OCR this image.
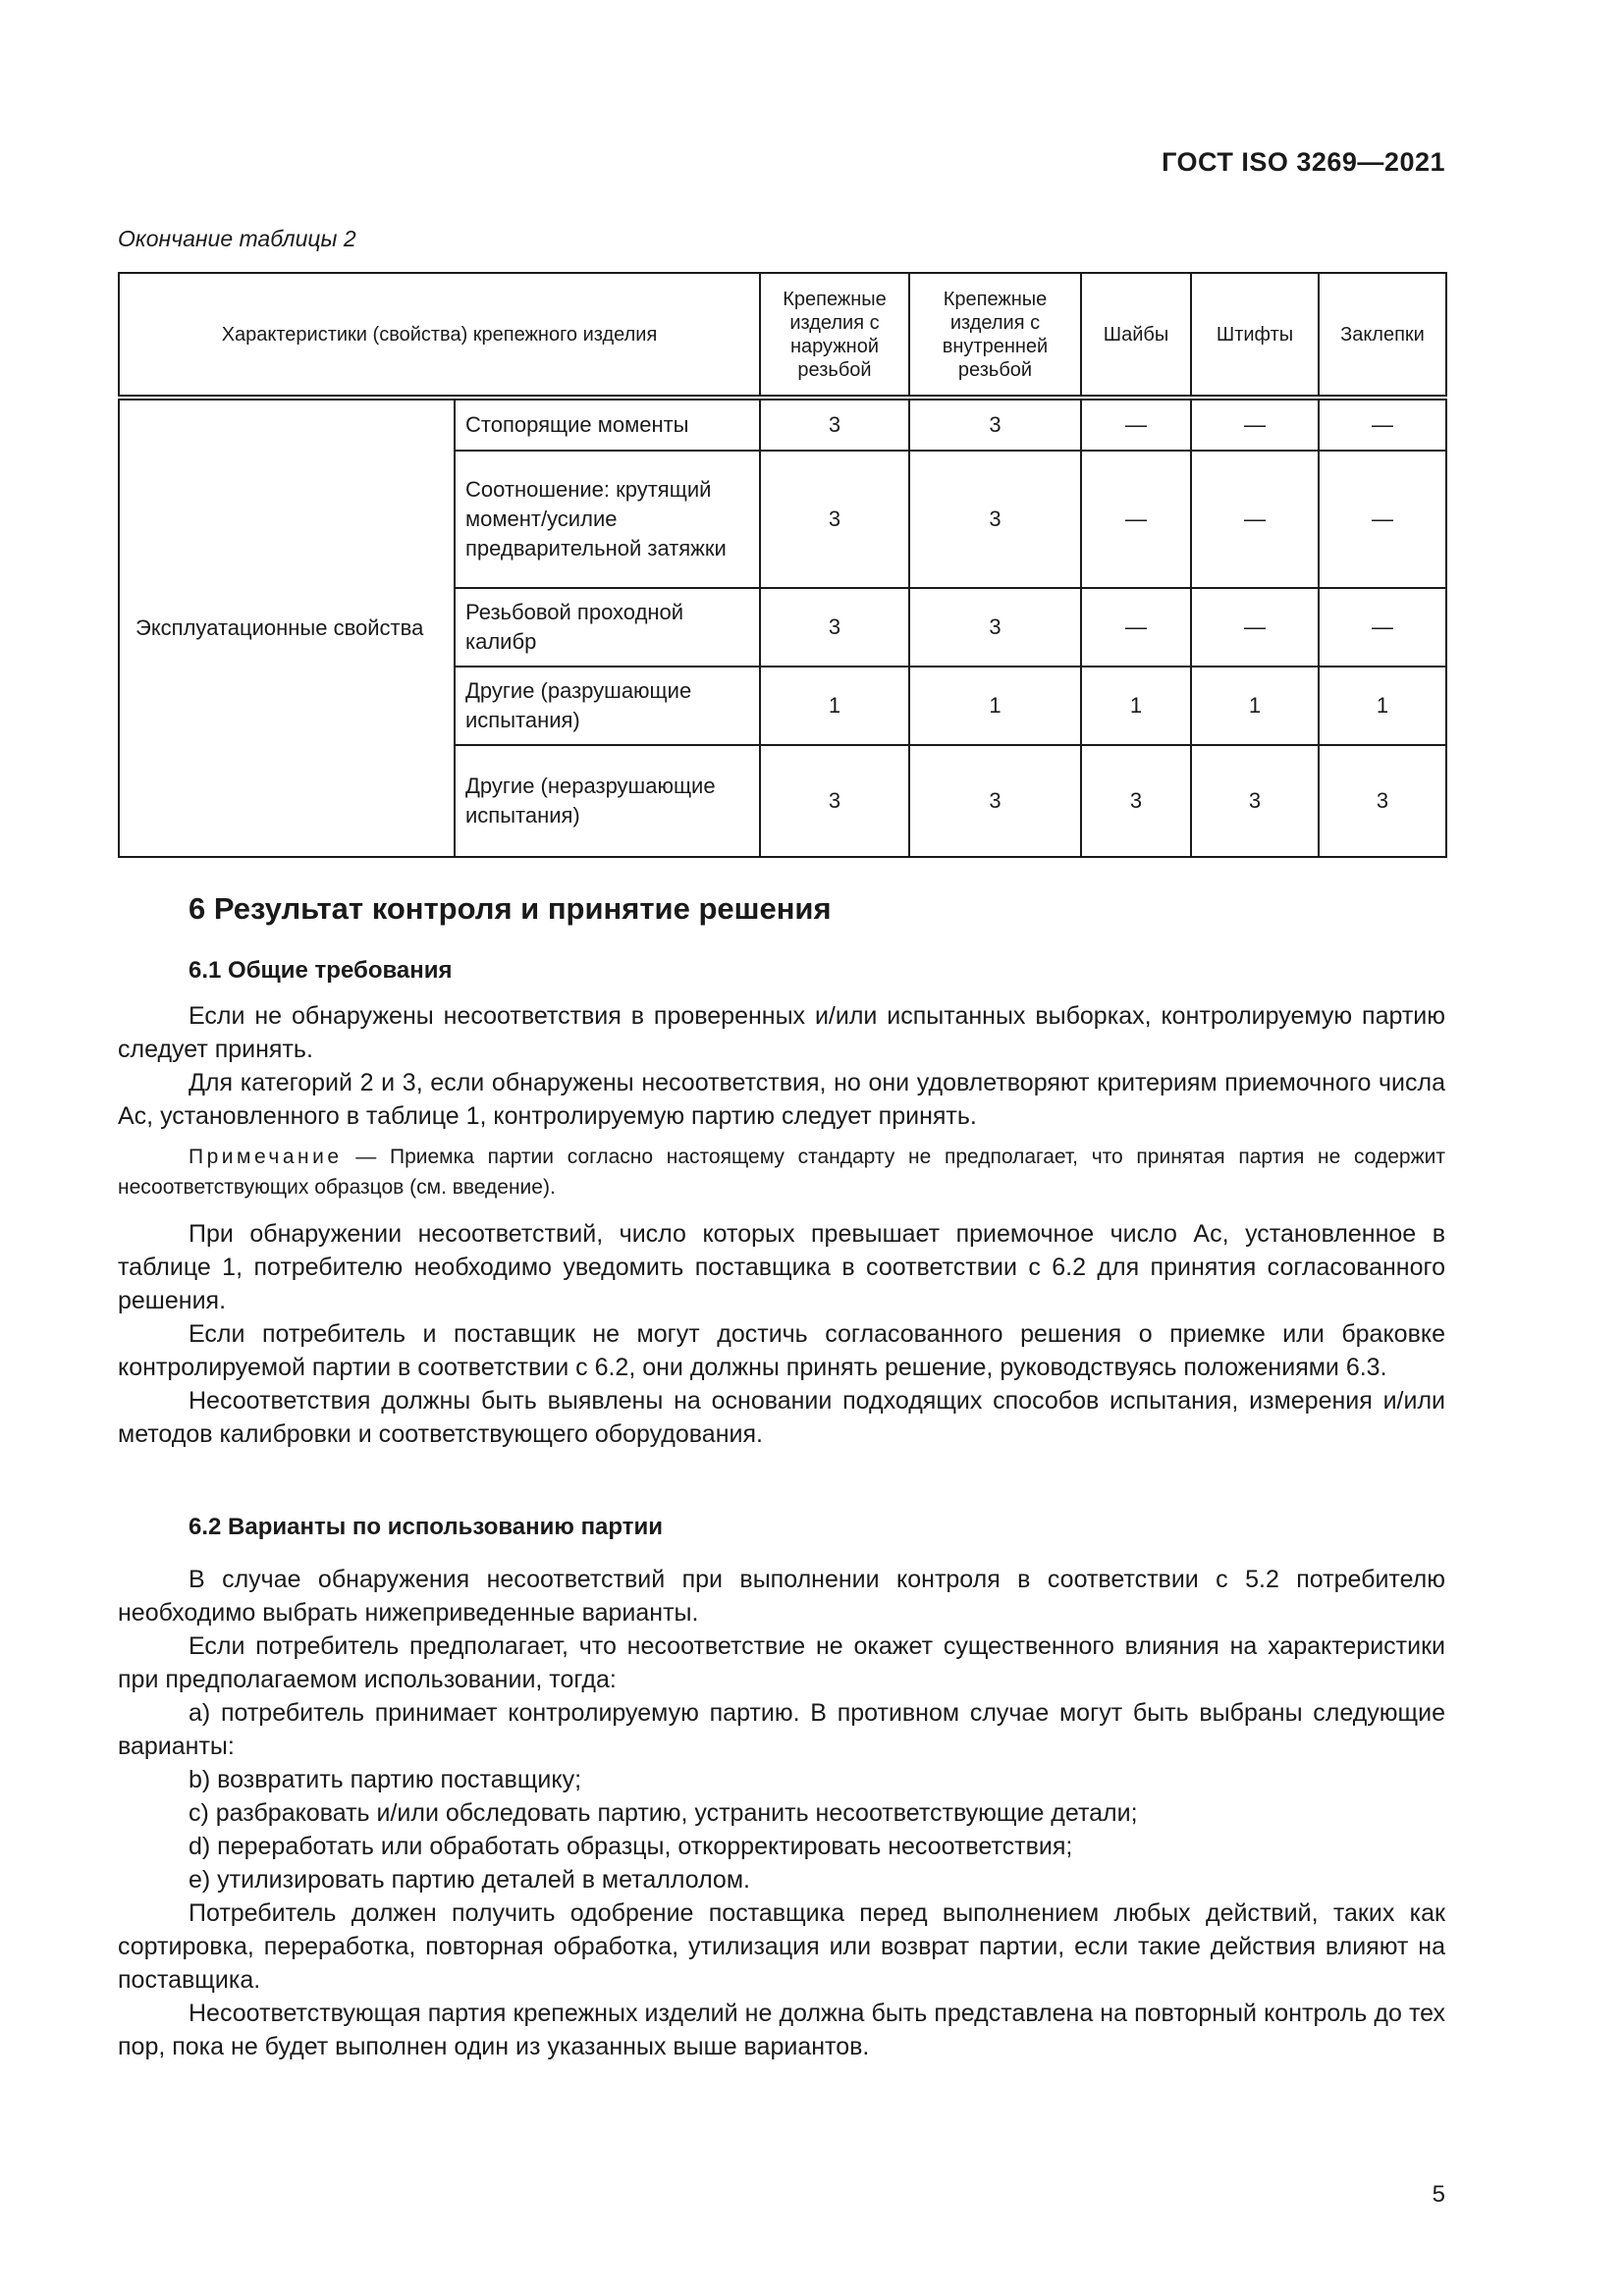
ГОСТ ISO 3269—2021
Окончание таблицы 2
Характеристики (свойства) крепежного изделия		Крепежные изделия с наружной резьбой	Крепежные изделия с внутренней резьбой	Шайбы	Штифты	Заклепки
Эксплуатационные свойства	Стопорящие моменты	3	3	—	—	—
	Соотношение: крутящий момент/усилие предварительной затяжки	3	3	—	—	—
	Резьбовой проходной калибр	3	3	—	—	—
	Другие (разрушающие испытания)	1	1	1	1	1
	Другие (неразрушающие испытания)	3	3	3	3	3
6 Результат контроля и принятие решения
6.1 Общие требования

Если не обнаружены несоответствия в проверенных и/или испытанных выборках, контролируемую партию следует принять.

Для категорий 2 и 3, если обнаружены несоответствия, но они удовлетворяют критериям приемочного числа Ас, установленного в таблице 1, контролируемую партию следует принять.

Примечание — Приемка партии согласно настоящему стандарту не предполагает, что принятая партия не содержит несоответствующих образцов (см. введение).

При обнаружении несоответствий, число которых превышает приемочное число Ас, установленное в таблице 1, потребителю необходимо уведомить поставщика в соответствии с 6.2 для принятия согласованного решения.

Если потребитель и поставщик не могут достичь согласованного решения о приемке или браковке контролируемой партии в соответствии с 6.2, они должны принять решение, руководствуясь положениями 6.3.

Несоответствия должны быть выявлены на основании подходящих способов испытания, измерения и/или методов калибровки и соответствующего оборудования.

6.2 Варианты по использованию партии

В случае обнаружения несоответствий при выполнении контроля в соответствии с 5.2 потребителю необходимо выбрать нижеприведенные варианты.

Если потребитель предполагает, что несоответствие не окажет существенного влияния на характеристики при предполагаемом использовании, тогда:

a) потребитель принимает контролируемую партию. В противном случае могут быть выбраны следующие варианты:

b) возвратить партию поставщику;

c) разбраковать и/или обследовать партию, устранить несоответствующие детали;

d) переработать или обработать образцы, откорректировать несоответствия;

e) утилизировать партию деталей в металлолом.

Потребитель должен получить одобрение поставщика перед выполнением любых действий, таких как сортировка, переработка, повторная обработка, утилизация или возврат партии, если такие действия влияют на поставщика.

Несоответствующая партия крепежных изделий не должна быть представлена на повторный контроль до тех пор, пока не будет выполнен один из указанных выше вариантов.

5
